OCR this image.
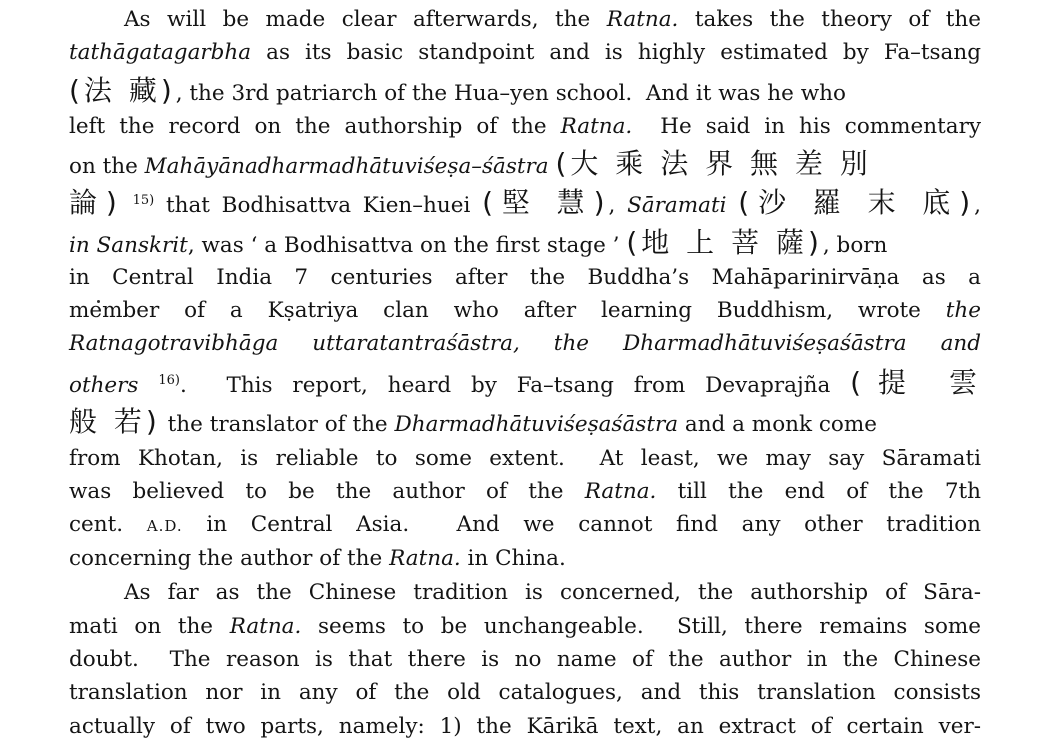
As will be made clear afterwards, the Ratna. takes the theory of the
tathāgatagarbha as its basic standpoint and is highly estimated by Fa–tsang
(法 藏), the 3rd patriarch of the Hua–yen school.  And it was he who
left the record on the authorship of the Ratna.  He said in his commentary
on the Mahāyānadharmadhātuviśeṣa–śāstra (大 乘 法 界 無 差 別
論) $^{15)}$ that Bodhisattva Kien–huei (堅 慧), Sāramati (沙 羅 末 底),
in Sanskrit, was ‘ a Bodhisattva on the first stage ’ (地 上 菩 薩), born
in Central India 7 centuries after the Buddha’s Mahāparinirvāṇa as a
member of a Kṣatriya clan who after learning Buddhism, wrote the
Ratnagotravibhāga uttaratantraśāstra, the Dharmadhātuviśeṣaśāstra and
others $^{16)}$.  This report, heard by Fa–tsang from Devaprajña (提 雲
般 若) the translator of the Dharmadhātuviśeṣaśāstra and a monk come
from Khotan, is reliable to some extent.  At least, we may say Sāramati
was believed to be the author of the Ratna. till the end of the 7th
cent. A.D. in Central Asia.  And we cannot find any other tradition
concerning the author of the Ratna. in China.
As far as the Chinese tradition is concerned, the authorship of Sāra-
mati on the Ratna. seems to be unchangeable.  Still, there remains some
doubt.  The reason is that there is no name of the author in the Chinese
translation nor in any of the old catalogues, and this translation consists
actually of two parts, namely: 1) the Kārikā text, an extract of certain ver-
